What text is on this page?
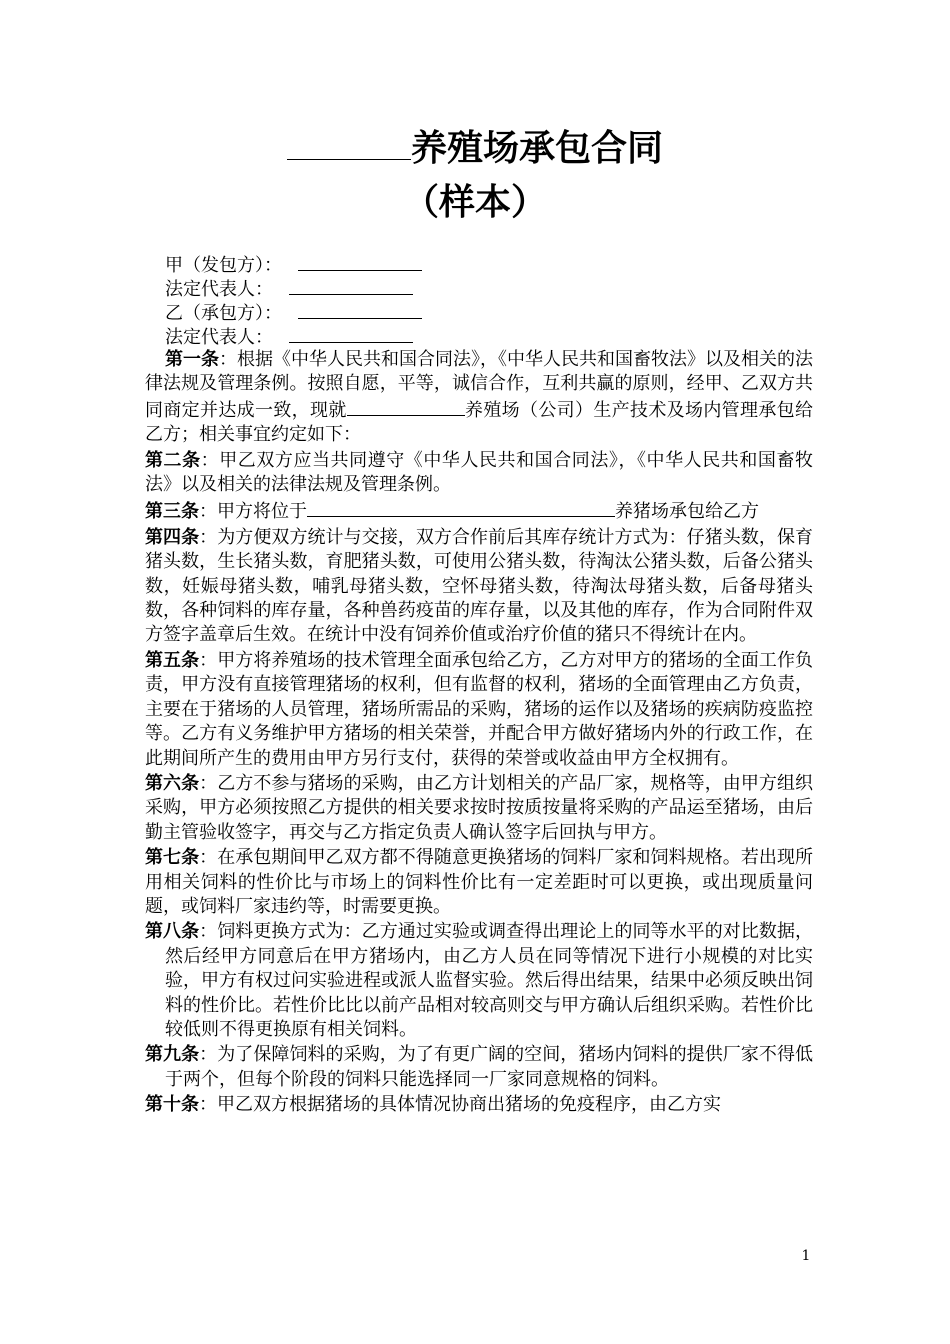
养殖场承包合同
（样本）
甲（发包方）：
法定代表人：
乙（承包方）：
法定代表人：

第一条：根据《中华人民共和国合同法》，《中华人民共和国畜牧法》以及相关的法律法规及管理条例。按照自愿，平等，诚信合作，互利共赢的原则，经甲、乙双方共同商定并达成一致，现就	养殖场（公司）生产技术及场内管理承包给乙方；相关事宜约定如下：

第二条：甲乙双方应当共同遵守《中华人民共和国合同法》，《中华人民共和国畜牧法》以及相关的法律法规及管理条例。

第三条：甲方将位于	养猪场承包给乙方

第四条：为方便双方统计与交接，双方合作前后其库存统计方式为：仔猪头数，保育猪头数，生长猪头数，育肥猪头数，可使用公猪头数，待淘汰公猪头数，后备公猪头数，妊娠母猪头数，哺乳母猪头数，空怀母猪头数，待淘汰母猪头数，后备母猪头数，各种饲料的库存量，各种兽药疫苗的库存量，以及其他的库存，作为合同附件双方签字盖章后生效。在统计中没有饲养价值或治疗价值的猪只不得统计在内。

第五条：甲方将养殖场的技术管理全面承包给乙方，乙方对甲方的猪场的全面工作负责，甲方没有直接管理猪场的权利，但有监督的权利，猪场的全面管理由乙方负责，主要在于猪场的人员管理，猪场所需品的采购，猪场的运作以及猪场的疾病防疫监控等。乙方有义务维护甲方猪场的相关荣誉，并配合甲方做好猪场内外的行政工作，在此期间所产生的费用由甲方另行支付，获得的荣誉或收益由甲方全权拥有。

第六条：乙方不参与猪场的采购，由乙方计划相关的产品厂家，规格等，由甲方组织采购，甲方必须按照乙方提供的相关要求按时按质按量将采购的产品运至猪场，由后勤主管验收签字，再交与乙方指定负责人确认签字后回执与甲方。

第七条：在承包期间甲乙双方都不得随意更换猪场的饲料厂家和饲料规格。若出现所用相关饲料的性价比与市场上的饲料性价比有一定差距时可以更换，或出现质量问题，或饲料厂家违约等，时需要更换。

第八条：饲料更换方式为：乙方通过实验或调查得出理论上的同等水平的对比数据，然后经甲方同意后在甲方猪场内，由乙方人员在同等情况下进行小规模的对比实验，甲方有权过问实验进程或派人监督实验。然后得出结果，结果中必须反映出饲料的性价比。若性价比比以前产品相对较高则交与甲方确认后组织采购。若性价比较低则不得更换原有相关饲料。

第九条：为了保障饲料的采购，为了有更广阔的空间，猪场内饲料的提供厂家不得低于两个，但每个阶段的饲料只能选择同一厂家同意规格的饲料。

第十条：甲乙双方根据猪场的具体情况协商出猪场的免疫程序，由乙方实

1
